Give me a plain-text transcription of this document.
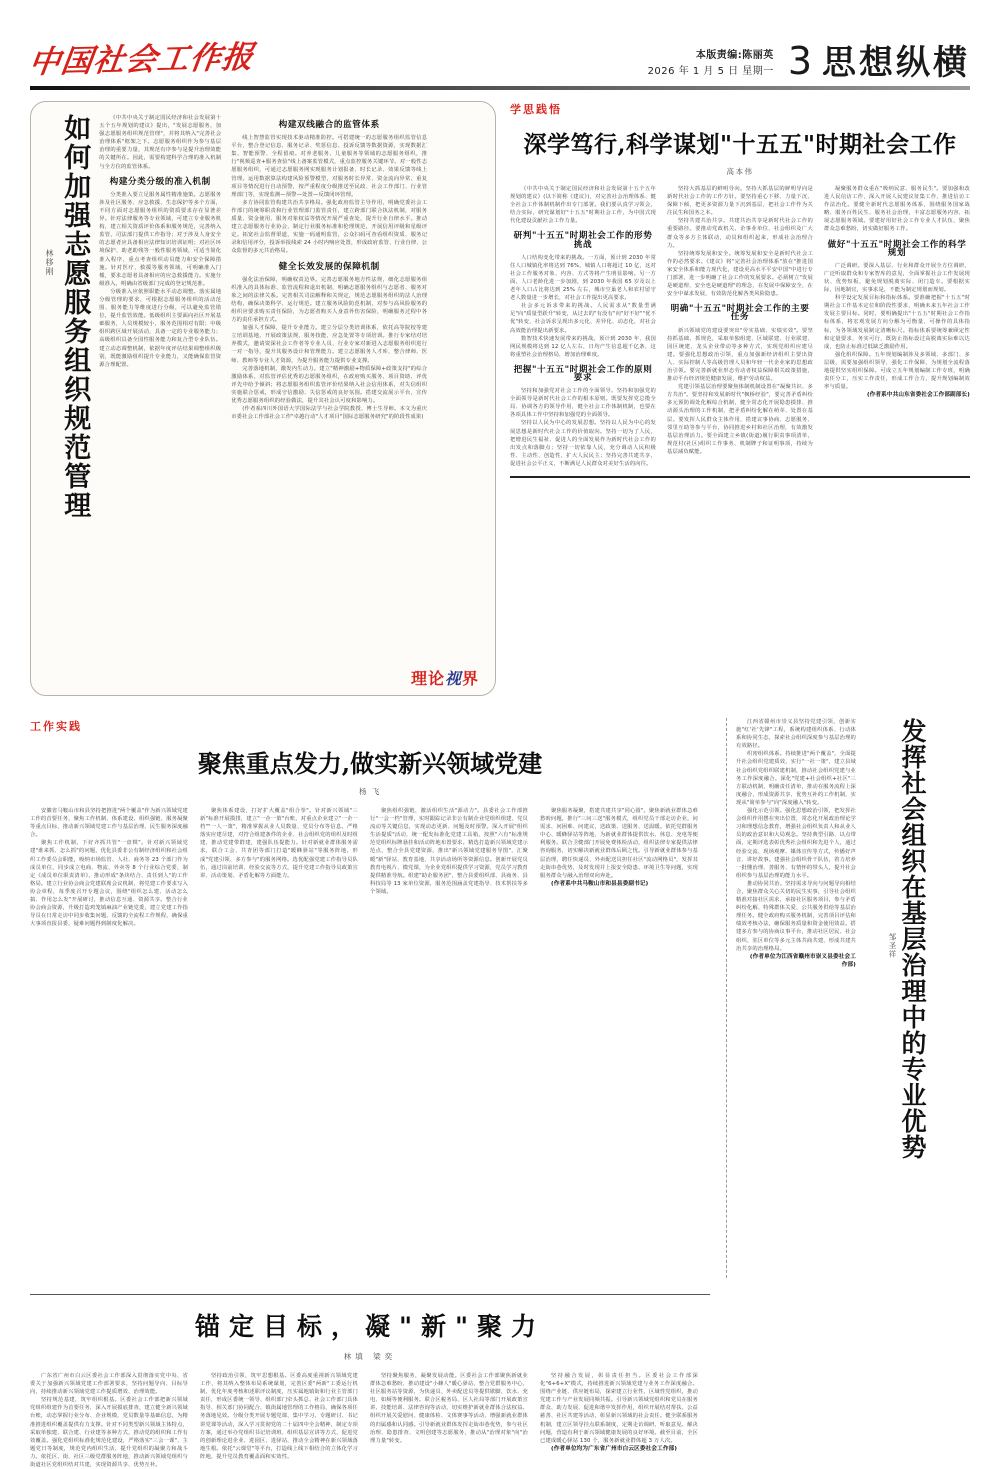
中国社会工作报	本版责编:陈丽英
2026 年 1 月 5 日 星期一 3 思想纵横
如何加强志愿服务组织规范管理
林移刚

《中共中央关于制定国民经济和社会发展第十五个五年规划的建议》提出，"发展志愿服务，加强志愿服务组织规范管理"，并将其纳入"完善社会治理体系"框架之下。志愿服务组织作为参与基层治理的重要力量，其规范有序参与是提升治理效能的关键所在。因此，需要构建科学合理的准入机制与全方位的监管体系。

构建分类分级的准入机制

分类准入要立足服务属性精准施策。志愿服务涉及社区服务、应急救援、生态保护等多个方面，不同方面对志愿服务组织的资质要求存在显著差异。针对法律服务等专业领域，可建立专业服务机构，建立相关资质评价体系和服务规范，完善纳入监管，司法部门提供工作指导；对于涉及人身安全的志愿者应具备相应法律知识培训证明；对社区环境保护、助老助残等一般性服务领域，可适当简化准入程序，重点考查组织动员能力和安全保障措施。针对医疗、救援等服务领域，可明确准入门槛，要求志愿者具备相应的应急救援能力。实施分级准入，明确由省级部门完成的登记规范准。

分级准入应依照职能水平动态调整。落实属地分级管理的要求，可根据志愿服务组织的活动范围、服务能力等维度进行分级，可以避免监管错位，提升监管效能。低级组织主要面向社区开展基础服务，人员规模较小，服务范围相对有限；中级组织跨区域开展活动，具备一定的专业服务能力；高级组织具备全国性服务能力和复合型专业队伍。建立动态调整机制，依据年度评估结果调整组织级别，既能激励组织提升专业能力，又能确保监管资源合理配置。

构建双线融合的监管体系

线上智慧监管实现技术驱动精准防控。可搭建统一的志愿服务组织监管信息平台，整合登记信息、服务记录、奖惩信息、投诉反馈等数据资源，实现数据汇集、智能预警、全程留痕。对养老服务、儿童服务等领域的志愿服务组织，推行"视频巡查+服务查验"线上备案监管模式，重点监控服务关键环节。对一般性志愿服务组织，可通过志愿服务网实现服务计划报备、时长记录、效果反馈等线上管理。运用数据算法构建风险预警模型，对服务时长异常、资金流向异常、重复项目等情况进行自动预警，按严重程度分级推送至民政、社会工作部门、行业管理部门等，实现监测—预警—处置—反馈闭环管理。

多方协同监管构建共治共享格局。强化政府监管主导作用，明确党委社会工作部门的统筹职责和行业管理部门监管责任，建立跨部门联合执法机制，对服务质量、资金使用、服务对象权益等情况开展严重查处，提升行业自律水平。推动建立志愿服务行业协会，制定行业服务标准和伦理规范，开展信用评级和星级评定。拓宽社会监督渠道，实施一码通明监管，公众扫码可查看组织资质、服务记录和信用评分，投诉举报线索 24 小时内响应处置，形成政府监管、行业自律、公众监督的多元共治格局。

健全长效发展的保障机制

强化法治保障，明确权责边界。完善志愿服务地方性法规，细化志愿服务组织准入的具体标准、监管流程和退出机制，明确志愿服务组织与志愿者、服务对象之间的法律关系。完善相关司法解释和关规定，规范志愿服务组织的法人治理结构，确保决策科学、运行规范。建立服务风险防范机制，对参与高风险服务的组织应要求购买责任保险，为志愿者购买人身意外伤害保险，明确服务过程中各方的责任承担方式。

加强人才保障，提升专业能力。建立分层分类培训体系，依托高等院校等建立培训基地，开展政策法规、服务技能、应急处置等专项培训。推行专家结对培养模式，邀请资深社会工作者等专业人员、行业专家对新进入志愿服务组织进行一对一指导，提升其服务设计和管理能力。建立志愿服务人才库，整合律师、医师、教师等专业人才资源，为提升服务能力提供专业支撑。

完善落地机制，激发内生动力。建立"精神激励+物质保障+政策支持"的综合激励体系，对监管评估优秀的志愿服务组织，在政府购买服务、项目资助、评优评先中给予倾斜；将志愿服务组织监管评价结果纳入社会信用体系，对失信组织实施联合惩戒，形成守信激励、失信惩戒的良好氛围。搭建交流展示平台，宣传优秀志愿服务组织的经验做法，提升其社会认可度和影响力。

(作者系四川外国语大学国际法学与社会学院教授、博士生导师。本文为重庆市委社会工作部社会工作"卓越行动"人才项目"国际志愿服务研究"的阶段性成果)

理论视界
学思践悟
深学笃行,科学谋划"十五五"时期社会工作
高本伟

《中共中央关于制定国民经济和社会发展第十五个五年规划的建议》(以下简称《建议》)，对完善社会治理体系、健全社会工作体制机制作出专门部署。我们要认真学习领会，结合实际，研究谋划好"十五五"时期社会工作，为中国式现代化建设贡献社会工作力量。

研判"十五五"时期社会工作的形势挑战

人口结构变化带来的挑战。一方面，预计到 2030 年常住人口城镇化率将达到 76%，城镇人口将超过 10 亿，这对社会工作服务对象、内容、方式等将产生明显影响。另一方面，人口老龄化进一步加剧，到 2030 年我国 65 岁及以上老年人口占比将达到 25% 左右，城市空巢老人和农村留守老人数量进一步增长，对社会工作提出更高要求。

社会多元诉求带来的挑战。人民需求从"数量型满足"向"质量型跃升"转变，从过去的"有没有"向"好不好""优不优"转变，社会诉求呈现出多元化、差异化、动态化，对社会高效能治理提出新要求。

数智技术快速发展带来的挑战。预计到 2030 年，我国网民规模将达到 12 亿人左右，日均产生信息超千亿条，这将重塑社会治理格局，增加治理难度。

把握"十五五"时期社会工作的原则要求

坚持和加强党对社会工作的全面领导。坚持和加强党的全面领导是新时代社会工作的根本原则。既要发挥党总揽全局、协调各方的领导作用，健全社会工作体制机制，也要在各项具体工作中坚持和加强党的全面领导。

坚持以人民为中心的发展思想。坚持以人民为中心的发展思想是新时代社会工作的价值取向。坚持一切为了人民，把增进民生福祉、促进人的全面发展作为新时代社会工作的出发点和落脚点；坚持一切依靠人民，充分调动人民积极性、主动性、创造性，扩大人民民主；坚持完善共建共享，促进社会公平正义，不断满足人民群众对美好生活的向往。

坚持大抓基层的鲜明导向。坚持大抓基层的鲜明导向是新时代社会工作的工作方针。要坚持重心下移、力量下沉、保障下倾，把更多资源力量下沉到基层，把社会工作作为关注民生和国务之本。

坚持共建共治共享。共建共治共享是新时代社会工作的重要路径。要推动党政机关、企事业单位、社会组织及广大群众等多方主体联动，动员和组织起来，形成社会治理合力。

坚持统筹发展和安全。统筹发展和安全是新时代社会工作的必然要求。《建议》将"完善社会治理体系"放在"推进国家安全体系和能力现代化，建设更高水平平安中国"中进行专门部署，进一步明确了社会工作的发展要求。必须树立"发展是硬道理、安全也是硬道理"的理念，在发展中保障安全，在安全中谋求发展，有效防范化解各类风险隐患。

明确"十五五"时期社会工作的主要任务

新兴领域党的建设要突出"劳实基础、实绩实效"。要坚持抓基础、抓规范，采取单独组建、区域联建、行业联建、园区统建、龙头企业带动等多种方式，实现党组织应建尽建。要强化思想政治引领，重点加强新经济组织主要出资人、实际控制人等高级管理人员和年轻一代企业家的思想政治引领。要完善新就业形态劳动者权益保障相关政策措施，推动平台经济规范健康发展，维护劳动权益。

党建引领基层治理要聚焦体制机制设置在"凝聚共识、多方共治"。要坚持和发展新时代"枫桥经验"，要完善矛盾纠纷多元预防调处化解综合机制，健全常态化开展隐患摸排、推动源头治理的工作机制，把矛盾纠纷化解在萌芽、处置在基层。要发挥人民群众主体作用，搭建议事协商、志愿服务、邻里互助等参与平台，协同推进乡村和社区治理，有效激发基层治理活力。要全面建立乡镇(街道)履行职责事项清单，规范村(社区)组织工作事务、机制牌子和证明事项，持续为基层减负赋能。

凝聚服务群众重在"吸纳民意、服务民生"。要加强和改进人民信访工作，深入开展人民建议征集工作，推进信访工作法治化。要健全新时代志愿服务体系，围绕服务国家战略、服务百姓民生、服务社会治理，丰富志愿服务内容，拓展志愿服务领域。要建好用好社会工作专业人才队伍，聚焦群众急难愁盼，切实做好服务工作。

做好"十五五"时期社会工作的科学规划

广泛调研。要深入基层、行业和群众开展全方位调研，广泛听取群众和专家智库的意见，全面掌握社会工作发展现状、优势短板，避免规划脱离实际、闭门造车。要根据实际，因地制宜，实事求是，不能为制定规划而规划。

科学设定发展目标和指标体系。要准确把握"十五五"时期社会工作基本定位和阶段性要求，明确未来五年社会工作发展主要目标。同时，要明确提出"十五五"时期社会工作指标体系，将宏观发展方向分解为可衡量、可操作的具体指标，为各领域发展制定清晰标尺。指标体系要统筹兼顾定性和定量要求，务实可行，既防止指标设过高脱离实际难以达成，也防止标准过低缺乏激励作用。

强化组织保障。五年规划编制涉及多领域、多部门、多层级，需要加强组织领导，强化工作保障，为规划全流程落地提供坚实组织保障。可成立五年规划编制工作专班，明确责任分工，压实工作责任，形成工作合力，提升规划编制效率与质量。

(作者系中共山东省委社会工作部副部长)

工作实践
聚焦重点发力,做实新兴领域党建
杨 飞

安徽省马鞍山市和县坚持把推进"两个覆盖"作为新兴领域党建工作的首要任务，聚焦工作机制、体系建设、组织强链、服务凝聚等重点目标，推动新兴领域党建工作与基层治理、民生服务深度融合。

聚焦工作机制，下好齐抓共管"一盘棋"。针对新兴领域党建"谁来抓、怎么抓"的问题，优化县委非公有制经济组织和社会组织工作委员会职能，吸纳市场监管、人社、商务等 23 个部门作为成员单位，同步成立电商、物流、外卖等 8 个行业综合党委，制定《成员单位职责清单》，推动形成"条块结合、责任到人"的工作格局。建立行业协会商会党建联席会议机制，将党建工作要求写入协会章程，每季度召开专题会议，围绕"组织怎么建、活动怎么搞、作用怎么发"开展研讨，推动信息互通、资源共享。整合行业协会商会资源，升级打造鸡笼镇麻油产业链党委，建立党建工作指导员在日常走访中同步收集问题、反馈的全流程工作规程，确保重大事项直报县委，疑难问题得到制度化解决。

聚焦体系建设，打好扩大覆盖"组合拳"。针对新兴领域"三新"标准开展摸排，建立"一企一策"台账，对重点企业建立"一企一档""一人一策"，精准掌握从业人员数量、党员分布等信息。严格落实应建尽建，对符合组建条件的企业、社会组织党的组织及时组建，推动党建带群建，建强队伍提能力。针对新就业群体服务需求，联合工会、共青团等部门打造"暖蜂驿站"等服务阵地，形成"党建引领、多方参与"的服务网络。选优配强党建工作指导员队伍，通过岗前培训、经验交流等方式，提升党建工作指导员政策宣讲、活动策划、矛盾化解等方面能力。

聚焦组织强链，激活组织生活"源动力"。县委社会工作部推行"一会一档"管理，实时跟踪记录非公有制企业党组织组建、党员流动等关键信息，实现动态更新、问题及时预警。深入开展"组织生活提质"活动，统一配发标准化党建工具箱，按照"六有"标准规范党组织标牌悬挂和活动阵地布置要求。精选打造新兴领域党建示范点，整合全县党建资源，推出"新兴领域党建服务导图"，汇聚暖"新"驿站、教育基地、共享活动场所等资源信息。创新开展党员教育电视片、微党课，为企业党组织提供学习资源，党员学习教育提供精准导航。组建"助企服务团"，整合县委组织部、县商务、县科技局等 13 家单位资源，服务范围涵盖党建指导、技术帮扶等多个领域。

聚焦服务凝聚，搭建共建共享"同心圆"。聚焦新就业群体急难愁盼问题，推行"三问三送"服务模式，组织党员干部走访企业，问需求、问困难、问建议，送政策、送服务、送温暖。依托党群服务中心、暖蜂驿站等阵地，为新就业群体提供饮水、休息、充电等便利服务。联合卫健部门开展免费体检活动，组织法律专家提供法律咨询服务，切实解决新就业群体后顾之忧。引导新就业群体参与基层治理，聘任快递员、外卖配送员担任社区"流动网格员"，发挥其走街串巷优势，及时发现并上报安全隐患、环境卫生等问题，实现服务群众与融入治理双向奔赴。

(作者系中共马鞍山市和县县委副书记)

江西省赣州市崇义县坚持党建引领，创新实施"红'社'先锋"工程，系统构建组织体系、行动体系和协同生态，探索社会组织深度参与基层治理的有效路径。

织密组织体系。持续推进"两个覆盖"，全面提升社会组织党建质效，实行"一社一策"，建立县域社会组织党组织联建机制，推动社会组织党建与业务工作深度融合。深化"党建+社会组织+社区"三方联动机制，明确责任清单，推动在服务流程上深度融合，形成资源共享、优势互补的工作机制，实现从"简单参与"向"深度融入"转变。

强化示范引领。强化思想政治引领，把发挥社会组织作用摆在突出位置，常态化开展政治理论学习和理想信念教育，增强社会组织负责人和从业人员的政治意识和大局观念。坚持典型引路、以点带面，定期评选表彰优秀社会组织和先进个人，通过经验交流、现场观摩、媒体宣传等方式，传播好声音、讲好故事。建强社会组织骨干队伍，着力培养一批懂治理、善服务、有情怀的带头人，提升社会组织参与基层治理的能力水平。

推动协同共治。坚持需求导向与问题导向相结合，聚焦群众关心关切的民生实事，引导社会组织精准对接社区需求，承接社区服务项目，参与矛盾纠纷化解、特殊群体关爱、公共服务供给等基层治理任务。健全政府购买服务机制，完善项目评估和绩效考核办法，确保服务质量和资金使用效益。搭建多方参与的协商议事平台，推动社区居民、社会组织、驻区单位等多元主体共商共建，形成共建共治共享的治理格局。

(作者单位为江西省赣州市崇义县委社会工作部) 发挥社会组织在基层治理中的专业优势
邹圣祥
锚定目标，凝"新"聚力
林填 梁奕

广东省广州市白云区委社会工作部深入贯彻落实党中央、省委关于加强新兴领域党建工作部署要求，坚持问题导向、目标导向，持续推动新兴领域党建工作提质增效、治理效能。

坚持规范基建，筑牢组织根基。区委社会工作部把新兴领域党组织组建作为首要任务，深入开展摸底排查，建立健全新兴领域台账，动态掌握行业分布、企业规模、党员数量等基础信息，为精准推进组织覆盖提供有力支撑。针对不同类型新兴领域主体特点，采取单独建、联合建、行业建等多种方式，推动党的组织和工作有效覆盖。强化党组织标准化规范化建设，严格落实"三会一课"、主题党日等制度，规范党内组织生活，提升党组织的凝聚力和战斗力。依托区、街、社区三级党群服务阵地，推动新兴领域党组织与街道社区党组织结对共建，实现资源共享、优势互补。

坚持政治引领，筑牢思想根基。区委高度重视新兴领域党建工作，将其纳入整体布局系统谋划，完善区委"两新"工委运行机制，优化年度考核和述职评议制度，压实属地镇街和行业主管部门责任，形成区委统一领导、组织部门牵头抓总、社会工作部门具体指导、相关部门协同配合、镇街属地管理的工作格局，确保各项任务落地见效。分级分类开展专题党课、集中学习、专题研讨、书记讲党课等活动，深入学习贯彻党的二十届四中全会精神，制定专项方案，通过举办党组织书记培训班、组织基层宣讲等方式，促进党的创新理论进企业、进园区、进驿站，推动全会精神在新兴领域落地生根。依托"云课堂"等平台，打造线上线下相结合的立体化学习阵地，提升党员教育覆盖面和实效性。

坚持聚焦服务，凝聚发展动能。区委社会工作部聚焦新就业群体急难愁盼，推动建设"小蜂人"暖心驿站，整合党群服务中心、社区服务站等资源，为快递员、外卖配送员等提供歇脚、饮水、充电、如厕等便利服务。联合区税务局、区人社局等部门开展政策宣讲、技能培训、法律咨询等活动，切实维护新就业群体合法权益。组织开展关爱慰问、健康体检、文体赛事等活动，增强新就业群体的归属感和认同感。引导新就业群体发挥走街串巷优势，参与社区治理、隐患排查、文明创建等志愿服务，推动从"治理对象"向"治理力量"转变。

坚持融合发展，彰显责任担当。区委社会工作部深化"6+6+X"模式，持续推进新兴领域党建与业务工作深度融合。围绕产业链、供应链布局，探索建立行业性、区域性党组织，推动党建工作与产业发展同频共振。引导新兴领域党组织和党员在服务群众、助力发展、促进和谐中发挥作用，组织开展结对帮扶、公益慈善、社区共建等活动，彰显新兴领域的社会责任。健全联系服务机制，建立区领导挂点联系制度，定期走访调研、听取意见、解决问题，营造有利于新兴领域健康发展的良好环境。截至目前，全区已建成暖心驿站 130 个，服务新就业群体超 3 万人次。

(作者单位均为广东省广州市白云区委社会工作部)
